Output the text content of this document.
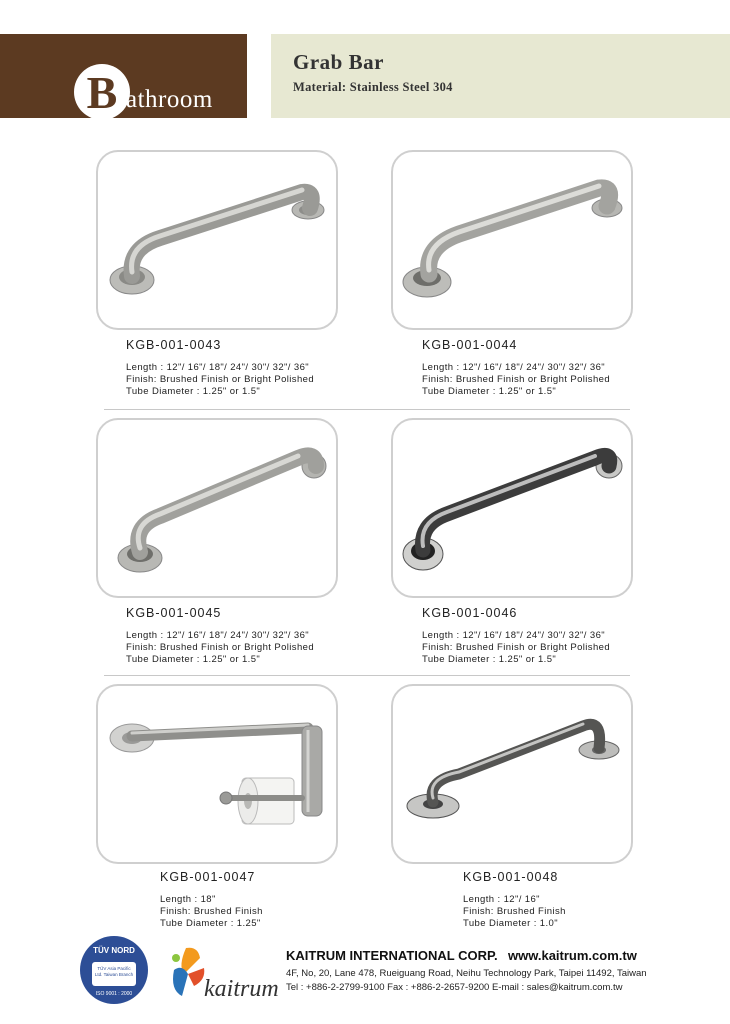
B athroom
Accessories
Grab Bar
Material: Stainless Steel 304
KGB-001-0043
Length : 12"/ 16"/ 18"/ 24"/ 30"/ 32"/ 36"
Finish: Brushed Finish or Bright Polished
Tube Diameter : 1.25" or 1.5"
KGB-001-0044
Length : 12"/ 16"/ 18"/ 24"/ 30"/ 32"/ 36"
Finish: Brushed Finish or Bright Polished
Tube Diameter : 1.25" or 1.5"
KGB-001-0045
Length : 12"/ 16"/ 18"/ 24"/ 30"/ 32"/ 36"
Finish: Brushed Finish or Bright Polished
Tube Diameter : 1.25" or 1.5"
KGB-001-0046
Length : 12"/ 16"/ 18"/ 24"/ 30"/ 32"/ 36"
Finish: Brushed Finish or Bright Polished
Tube Diameter : 1.25" or 1.5"
KGB-001-0047
Length : 18"
Finish: Brushed Finish
Tube Diameter : 1.25"
KGB-001-0048
Length : 12"/ 16"
Finish: Brushed Finish
Tube Diameter : 1.0"
TÜV NORD
TÜV Asia Pacific Ltd. Taiwan Branch
ISO 9001 : 2000	kaitrum
KAITRUM INTERNATIONAL CORP. www.kaitrum.com.tw
4F, No, 20, Lane 478, Rueiguang Road, Neihu Technology Park, Taipei 11492, Taiwan
Tel : +886-2-2799-9100 Fax : +886-2-2657-9200 E-mail : sales@kaitrum.com.tw
